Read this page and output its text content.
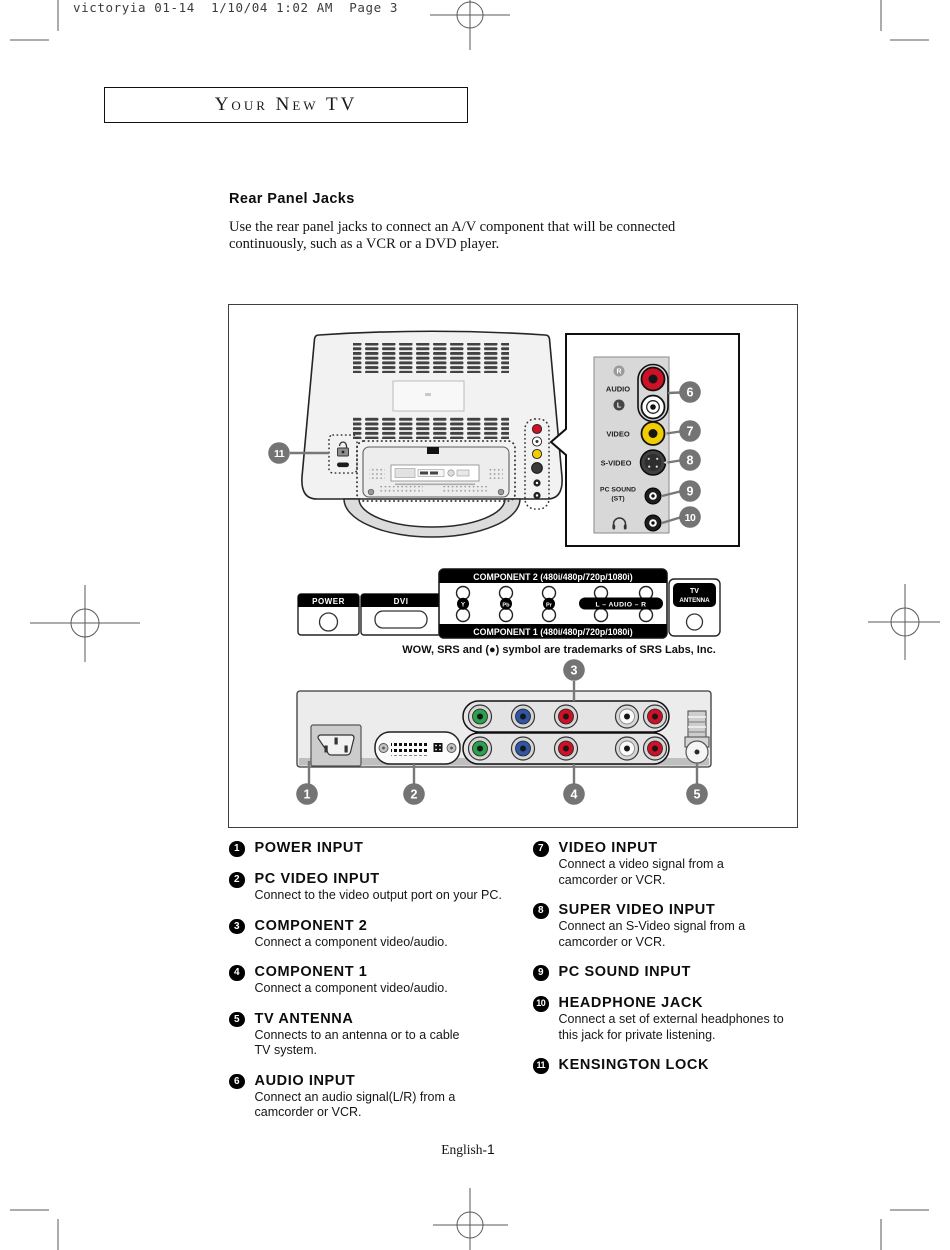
victoryia 01-14  1/10/04 1:02 AM  Page 3
Your New TV
Rear Panel Jacks

Use the rear panel jacks to connect an A/V component that will be connected
continuously, such as a VCR or a DVD player.

R
AUDIO
L
VIDEO
S-VIDEO
PC SOUND
(ST)
POWER	DVI
COMPONENT 2 (480i/480p/720p/1080i)
COMPONENT 1 (480i/480p/720p/1080i)
Y	Pb	Pr	L – AUDIO – R
TV
ANTENNA
WOW, SRS and (●) symbol are trademarks of SRS Labs, Inc.
1	2
3
4	5
6
7
8
9
10
11
1	POWER INPUT
2	PC VIDEO INPUT
Connect to the video output port on your PC.
3	COMPONENT 2
Connect a component video/audio.
4	COMPONENT 1
Connect a component video/audio.
5	TV ANTENNA
Connects to an antenna or to a cable
TV system.
6	AUDIO INPUT
Connect an audio signal(L/R) from a
camcorder or VCR.
7	VIDEO INPUT
Connect a video signal from a
camcorder or VCR.
8	SUPER VIDEO INPUT
Connect an S-Video signal from a
camcorder or VCR.
9	PC SOUND INPUT
10 HEADPHONE JACK
Connect a set of external headphones to
this jack for private listening.
11 KENSINGTON LOCK
English-1
